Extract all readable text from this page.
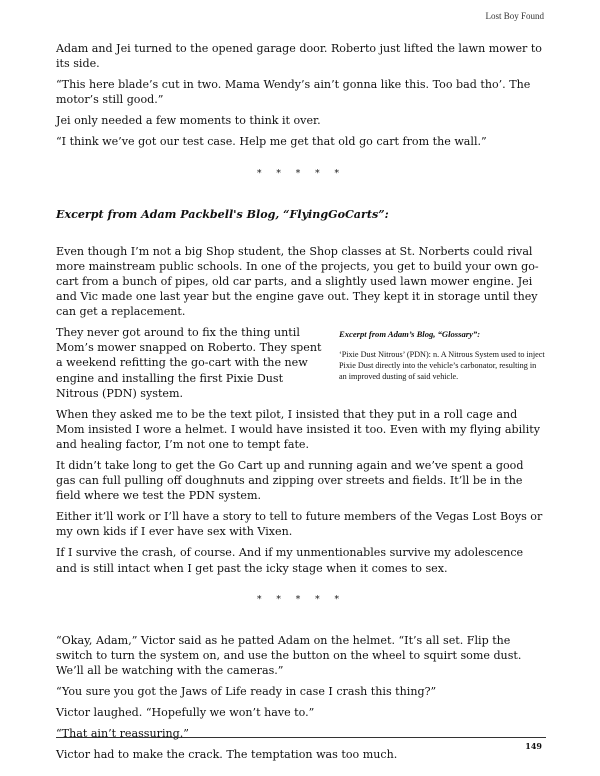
Lost Boy Found

Adam and Jei turned to the opened garage door. Roberto just lifted the lawn mower to its side.

“This here blade’s cut in two. Mama Wendy’s ain’t gonna like this. Too bad tho’. The motor’s still good.”

Jei only needed a few moments to think it over.

“I think we’ve got our test case. Help me get that old go cart from the wall.”

* * * * *
Excerpt from Adam Packbell's Blog, “FlyingGoCarts”:

Even though I’m not a big Shop student, the Shop classes at St. Norberts could rival more mainstream public schools. In one of the projects, you get to build your own go-cart from a bunch of pipes, old car parts, and a slightly used lawn mower engine. Jei and Vic made one last year but the engine gave out. They kept it in storage until they can get a replacement.

Excerpt from Adam’s Blog, “Glossary”:
‘Pixie Dust Nitrous’ (PDN): n. A Nitrous System used to inject Pixie Dust directly into the vehicle’s carbonator, resulting in an improved dusting of said vehicle.

They never got around to fix the thing until Mom’s mower snapped on Roberto. They spent a weekend refitting the go-cart with the new engine and installing the first Pixie Dust Nitrous (PDN) system.

When they asked me to be the text pilot, I insisted that they put in a roll cage and Mom insisted I wore a helmet. I would have insisted it too. Even with my flying ability and healing factor, I’m not one to tempt fate.

It didn’t take long to get the Go Cart up and running again and we’ve spent a good gas can full pulling off doughnuts and zipping over streets and fields. It’ll be in the field where we test the PDN system.

Either it’ll work or I’ll have a story to tell to future members of the Vegas Lost Boys or my own kids if I ever have sex with Vixen.

If I survive the crash, of course. And if my unmentionables survive my adolescence and is still intact when I get past the icky stage when it comes to sex.

* * * * *

“Okay, Adam,” Victor said as he patted Adam on the helmet. “It’s all set. Flip the switch to turn the system on, and use the button on the wheel to squirt some dust. We’ll all be watching with the cameras.”

“You sure you got the Jaws of Life ready in case I crash this thing?”

Victor laughed. “Hopefully we won’t have to.”

“That ain’t reassuring.”

Victor had to make the crack. The temptation was too much.

149
